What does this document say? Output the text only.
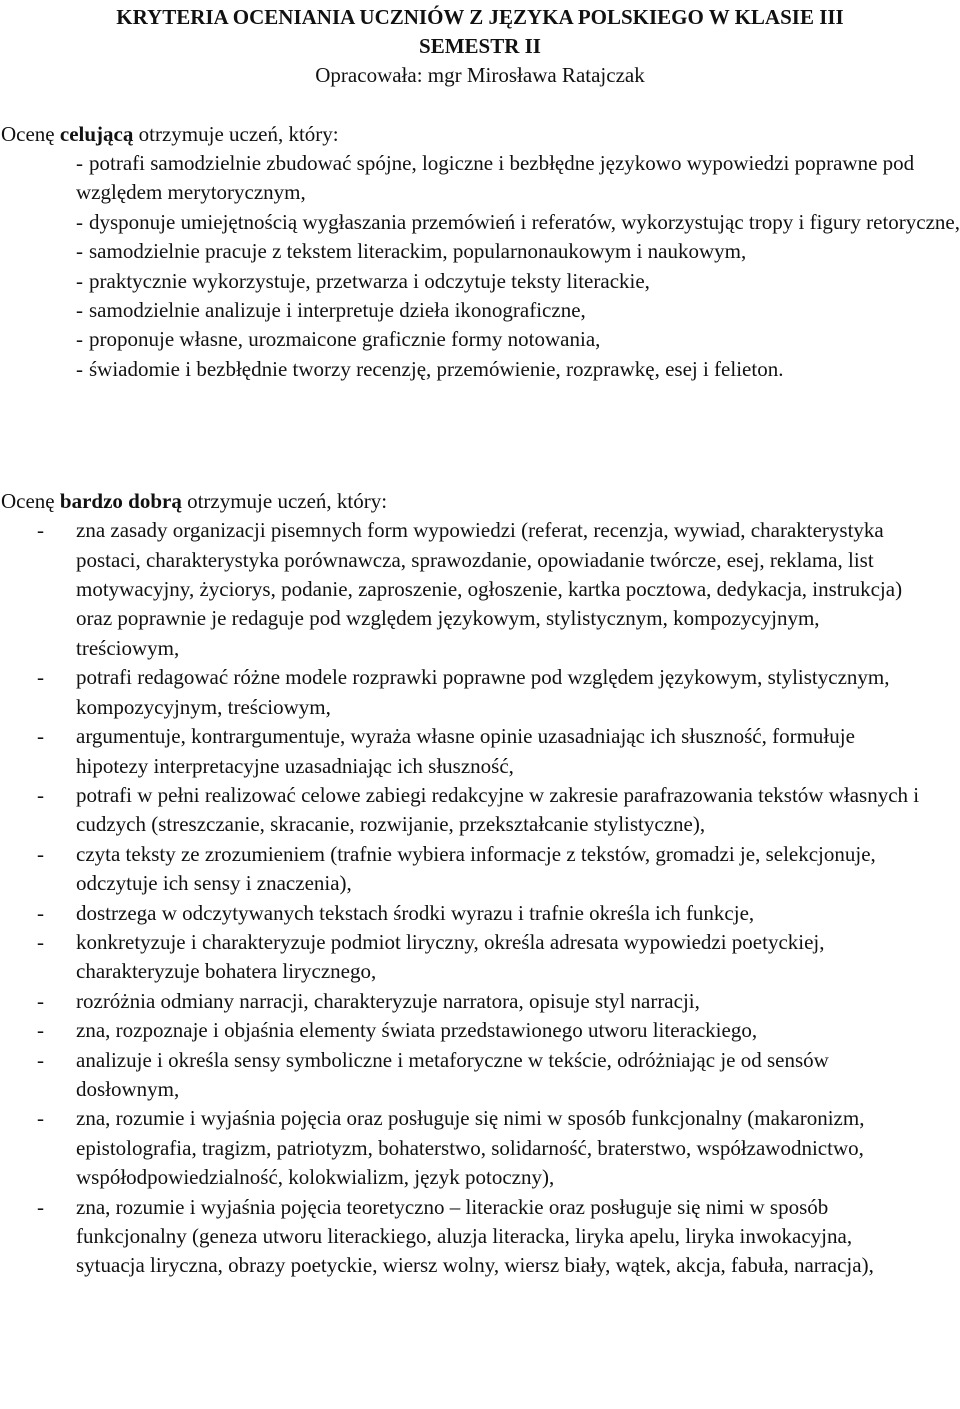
KRYTERIA OCENIANIA UCZNIÓW Z JĘZYKA POLSKIEGO W KLASIE III
SEMESTR II
Opracowała: mgr Mirosława Ratajczak
Ocenę celującą otrzymuje uczeń, który:
- potrafi samodzielnie zbudować spójne, logiczne i bezbłędne językowo wypowiedzi poprawne pod względem merytorycznym,
- dysponuje umiejętnością wygłaszania przemówień i referatów, wykorzystując tropy i figury retoryczne,
- samodzielnie pracuje z tekstem literackim, popularnonaukowym i naukowym,
- praktycznie wykorzystuje, przetwarza i odczytuje teksty literackie,
- samodzielnie analizuje i interpretuje dzieła ikonograficzne,
- proponuje własne, urozmaicone graficznie formy notowania,
- świadomie i bezbłędnie tworzy recenzję, przemówienie, rozprawkę, esej i felieton.
Ocenę bardzo dobrą otrzymuje uczeń, który:
- zna zasady organizacji pisemnych form wypowiedzi (referat, recenzja, wywiad, charakterystyka postaci, charakterystyka porównawcza, sprawozdanie, opowiadanie twórcze, esej, reklama, list motywacyjny, życiorys, podanie, zaproszenie, ogłoszenie, kartka pocztowa, dedykacja, instrukcja) oraz poprawnie je redaguje pod względem językowym, stylistycznym, kompozycyjnym, treściowym,
- potrafi redagować różne modele rozprawki poprawne pod względem językowym, stylistycznym, kompozycyjnym, treściowym,
- argumentuje, kontrargumentuje, wyraża własne opinie uzasadniając ich słuszność, formułuje hipotezy interpretacyjne uzasadniając ich słuszność,
- potrafi w pełni realizować celowe zabiegi redakcyjne w zakresie parafrazowania tekstów własnych i cudzych (streszczanie, skracanie, rozwijanie, przekształcanie stylistyczne),
- czyta teksty ze zrozumieniem (trafnie wybiera informacje z tekstów, gromadzi je, selekcjonuje, odczytuje ich sensy i znaczenia),
- dostrzega w odczytywanych tekstach środki wyrazu i trafnie określa ich funkcje,
- konkretyzuje i charakteryzuje podmiot liryczny, określa adresata wypowiedzi poetyckiej, charakteryzuje bohatera lirycznego,
- rozróżnia odmiany narracji, charakteryzuje narratora, opisuje styl narracji,
- zna, rozpoznaje i objaśnia elementy świata przedstawionego utworu literackiego,
- analizuje i określa sensy symboliczne i metaforyczne w tekście, odróżniając je od sensów dosłownym,
- zna, rozumie i wyjaśnia pojęcia oraz posługuje się nimi w sposób funkcjonalny (makaronizm, epistolografia, tragizm, patriotyzm, bohaterstwo, solidarność, braterstwo, współzawodnictwo, współodpowiedzialność, kolokwializm, język potoczny),
- zna, rozumie i wyjaśnia pojęcia teoretyczno – literackie oraz posługuje się nimi w sposób funkcjonalny (geneza utworu literackiego, aluzja literacka, liryka apelu, liryka inwokacyjna, sytuacja liryczna, obrazy poetyckie, wiersz wolny, wiersz biały, wątek, akcja, fabuła, narracja),
